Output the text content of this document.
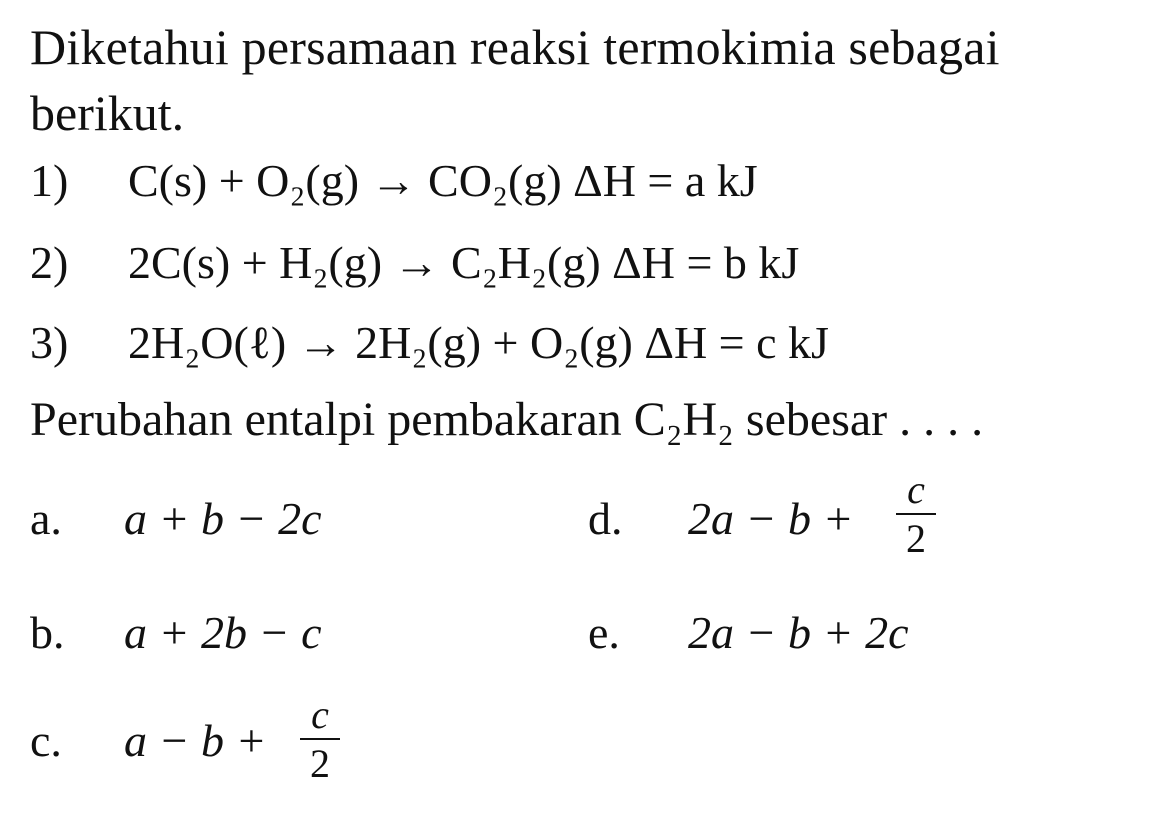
Diketahui persamaan reaksi termokimia sebagai
berikut.
1) C(s) + O₂(g) → CO₂(g) ΔH = a kJ
2) 2C(s) + H₂(g) → C₂H₂(g) ΔH = b kJ
3) 2H₂O(ℓ) → 2H₂(g) + O₂(g) ΔH = c kJ
Perubahan entalpi pembakaran C₂H₂ sebesar . . . .
a. a + b − 2c
b. a + 2b − c
c. a − b +
c
2
d. 2a − b +
c
2
e. 2a − b + 2c
